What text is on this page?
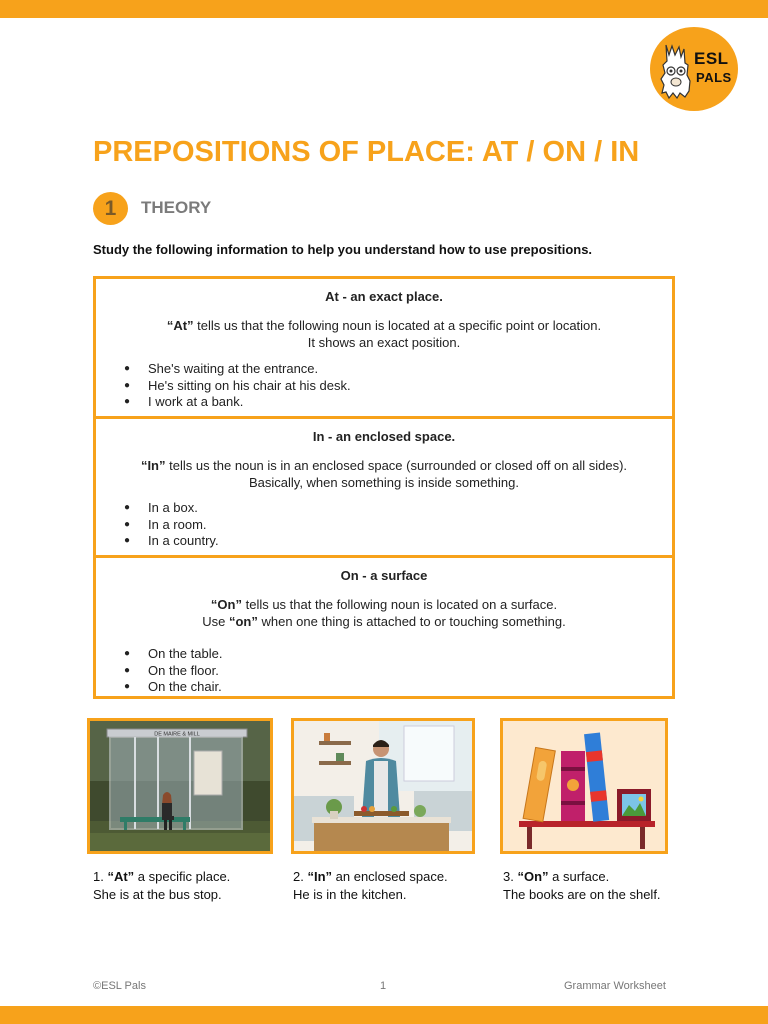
ESL
PALS
PREPOSITIONS OF PLACE: AT / ON / IN
1	THEORY
Study the following information to help you understand how to use prepositions.
At - an exact place.
“At” tells us that the following noun is located at a specific point or location.
It shows an exact position.
● She's waiting at the entrance.
● He's sitting on his chair at his desk.
● I work at a bank.
In - an enclosed space.
“In” tells us the noun is in an enclosed space (surrounded or closed off on all sides).
Basically, when something is inside something.
● In a box.
● In a room.
● In a country.
On - a surface
“On” tells us that the following noun is located on a surface.
Use “on” when one thing is attached to or touching something.
● On the table.
● On the floor.
● On the chair.
DE MAIRE & MILL
1. “At” a specific place.
She is at the bus stop.
2. “In” an enclosed space.
He is in the kitchen.
3. “On” a surface.
The books are on the shelf.
©ESL Pals	1	Grammar Worksheet
